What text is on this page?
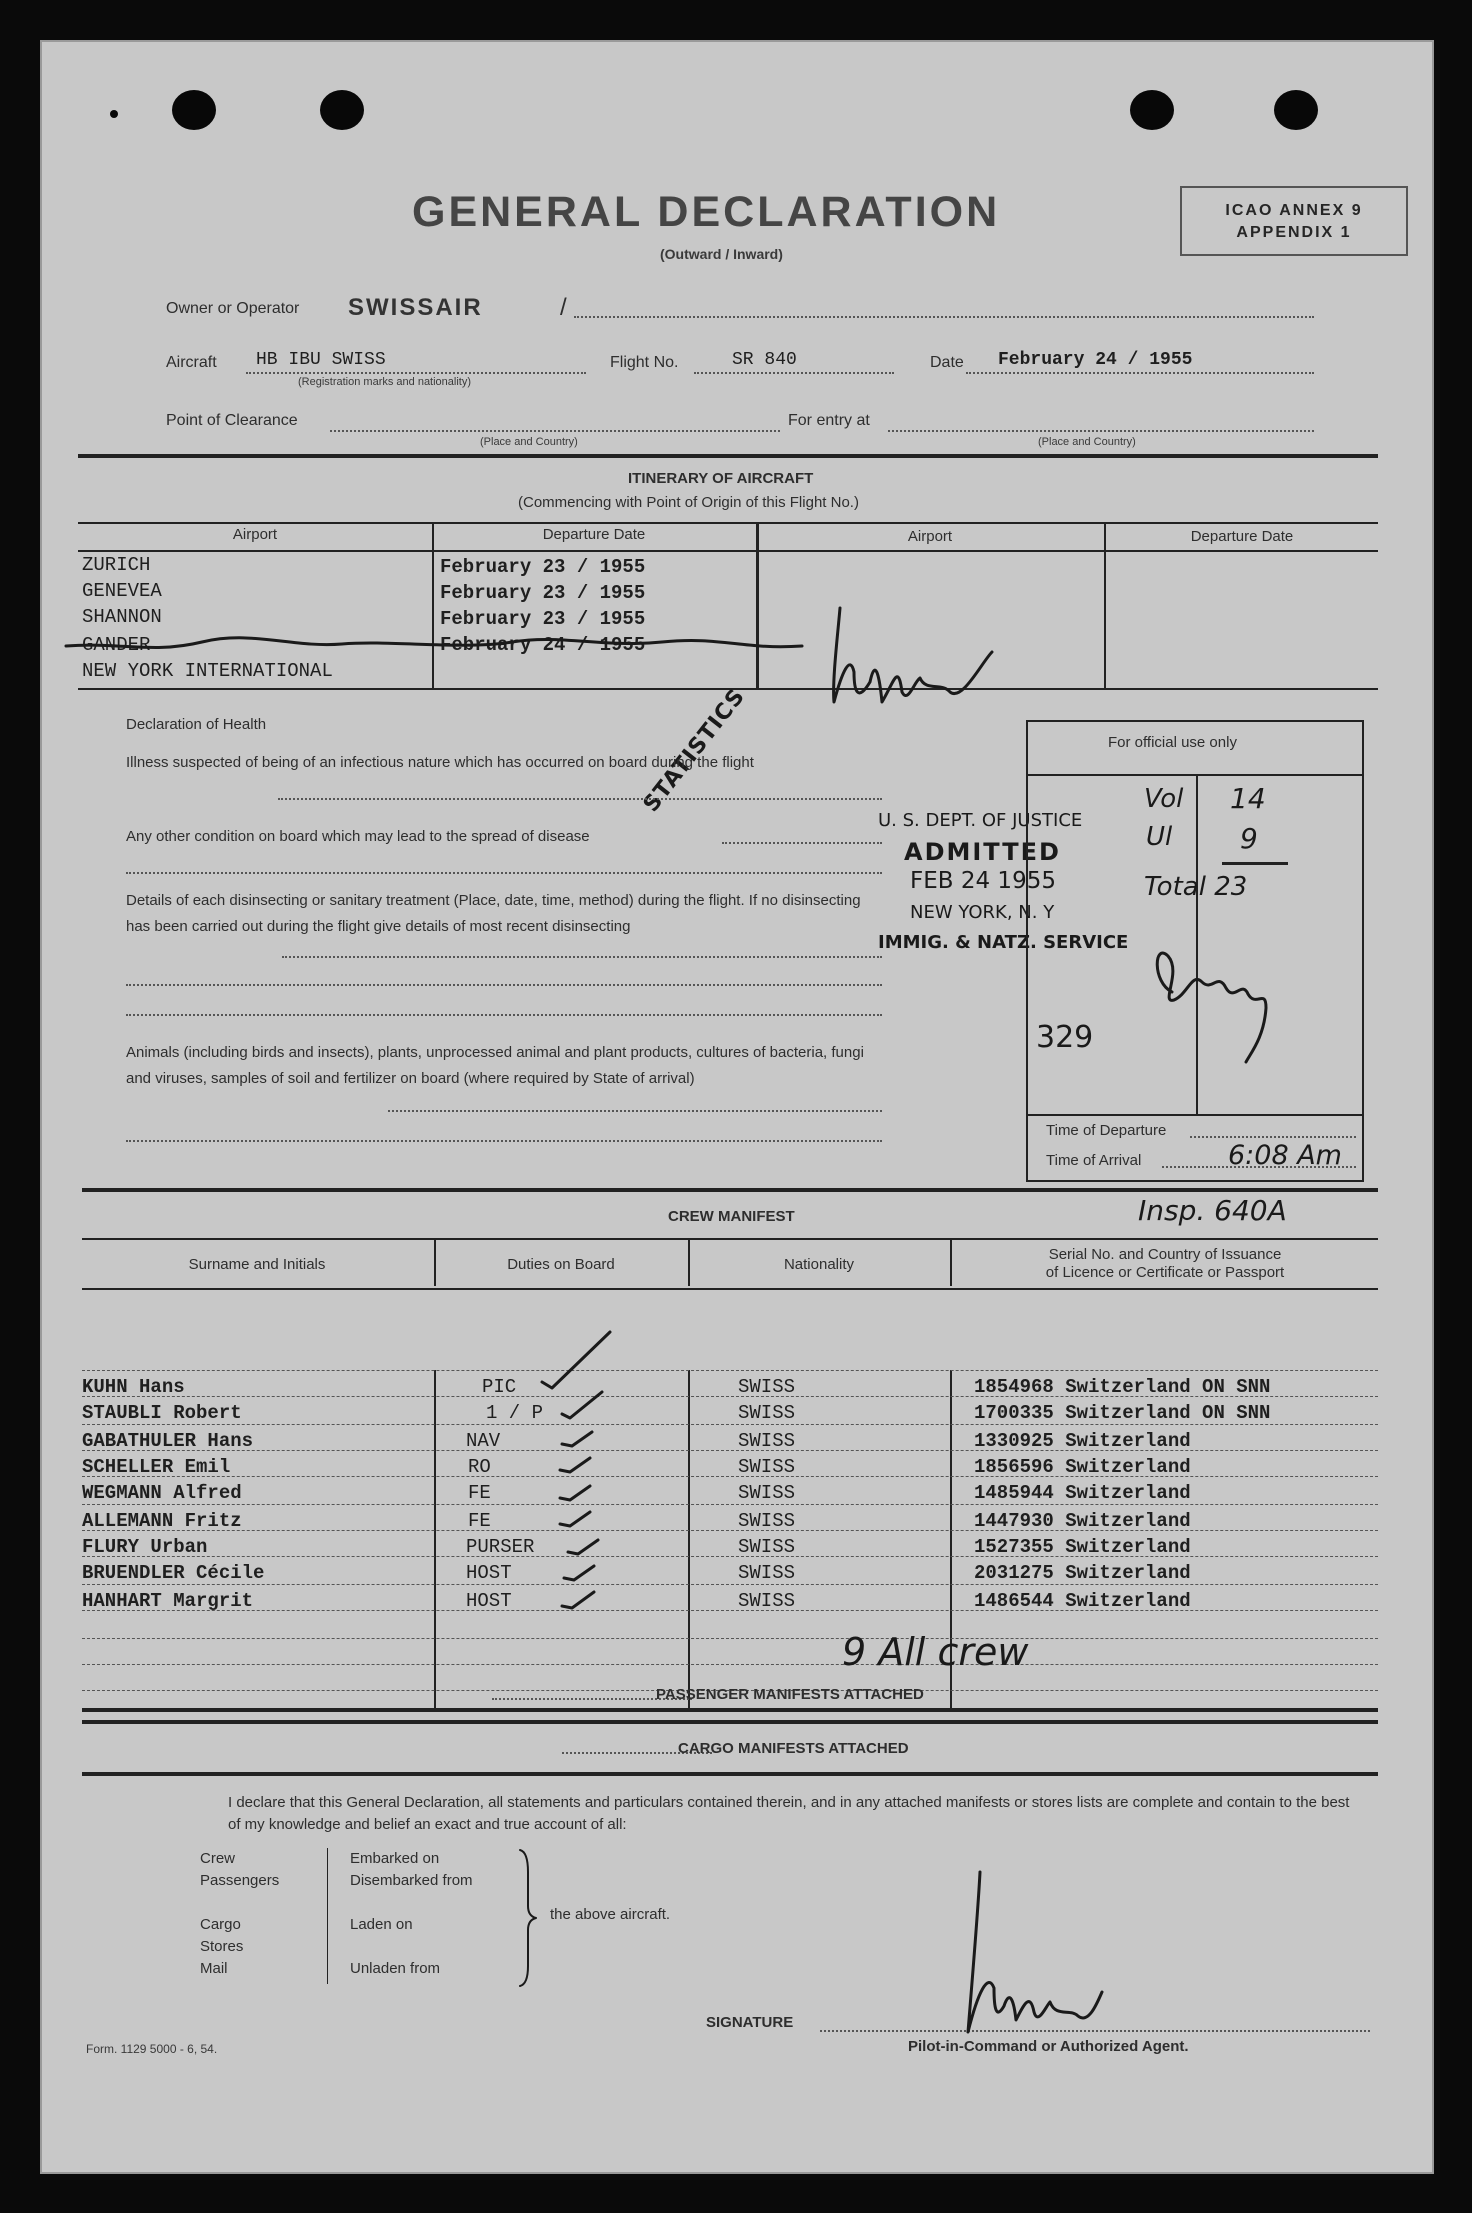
GENERAL DECLARATION
(Outward / Inward)
ICAO ANNEX 9
APPENDIX 1
Owner or Operator SWISSAIR	/
Aircraft HB IBU SWISS
(Registration marks and nationality)
Flight No.	SR 840	Date February 24 / 1955
Point of Clearance
(Place and Country)
For entry at
(Place and Country)
ITINERARY OF AIRCRAFT
(Commencing with Point of Origin of this Flight No.)
Airport	Departure Date	Airport	Departure Date
ZURICH	February 23 / 1955
GENEVEA	February 23 / 1955
SHANNON	February 23 / 1955
GANDER	February 24 / 1955
NEW YORK INTERNATIONAL
STATISTICS
Declaration of Health
Illness suspected of being of an infectious nature which has occurred on board during the flight
Any other condition on board which may lead to the spread of disease
Details of each disinsecting or sanitary treatment (Place, date, time, method) during the flight. If no disinsecting has been carried out during the flight give details of most recent disinsecting
Animals (including birds and insects), plants, unprocessed animal and plant products, cultures of bacteria, fungi and viruses, samples of soil and fertilizer on board (where required by State of arrival)
U. S. DEPT. OF JUSTICE
ADMITTED
FEB 24 1955
NEW YORK, N. Y
IMMIG. & NATZ. SERVICE
329
For official use only
Time of Departure
Time of Arrival
Vol 14
Ul 9
Total 23
6:08 Am
Insp. 640A
CREW MANIFEST
Surname and Initials	Duties on Board	Nationality
Serial No. and Country of Issuance
of Licence or Certificate or Passport
KUHN Hans	PIC	SWISS	1854968 Switzerland ON SNN
STAUBLI Robert	1 / P	SWISS	1700335 Switzerland ON SNN
GABATHULER Hans	NAV	SWISS	1330925 Switzerland
SCHELLER Emil	RO	SWISS	1856596 Switzerland
WEGMANN Alfred	FE	SWISS	1485944 Switzerland
ALLEMANN Fritz	FE	SWISS	1447930 Switzerland
FLURY Urban	PURSER	SWISS	1527355 Switzerland
BRUENDLER Cécile	HOST	SWISS	2031275 Switzerland
HANHART Margrit	HOST	SWISS	1486544 Switzerland
9 All crew
PASSENGER MANIFESTS ATTACHED
CARGO MANIFESTS ATTACHED
I declare that this General Declaration, all statements and particulars contained therein, and in any attached manifests or stores lists are complete and contain to the best of my knowledge and belief an exact and true account of all:
Crew
Passengers
Cargo
Stores
Mail
Embarked on
Disembarked from
Laden on
Unladen from
the above aircraft.
SIGNATURE
Pilot-in-Command or Authorized Agent.
Form. 1129 5000 - 6, 54.
